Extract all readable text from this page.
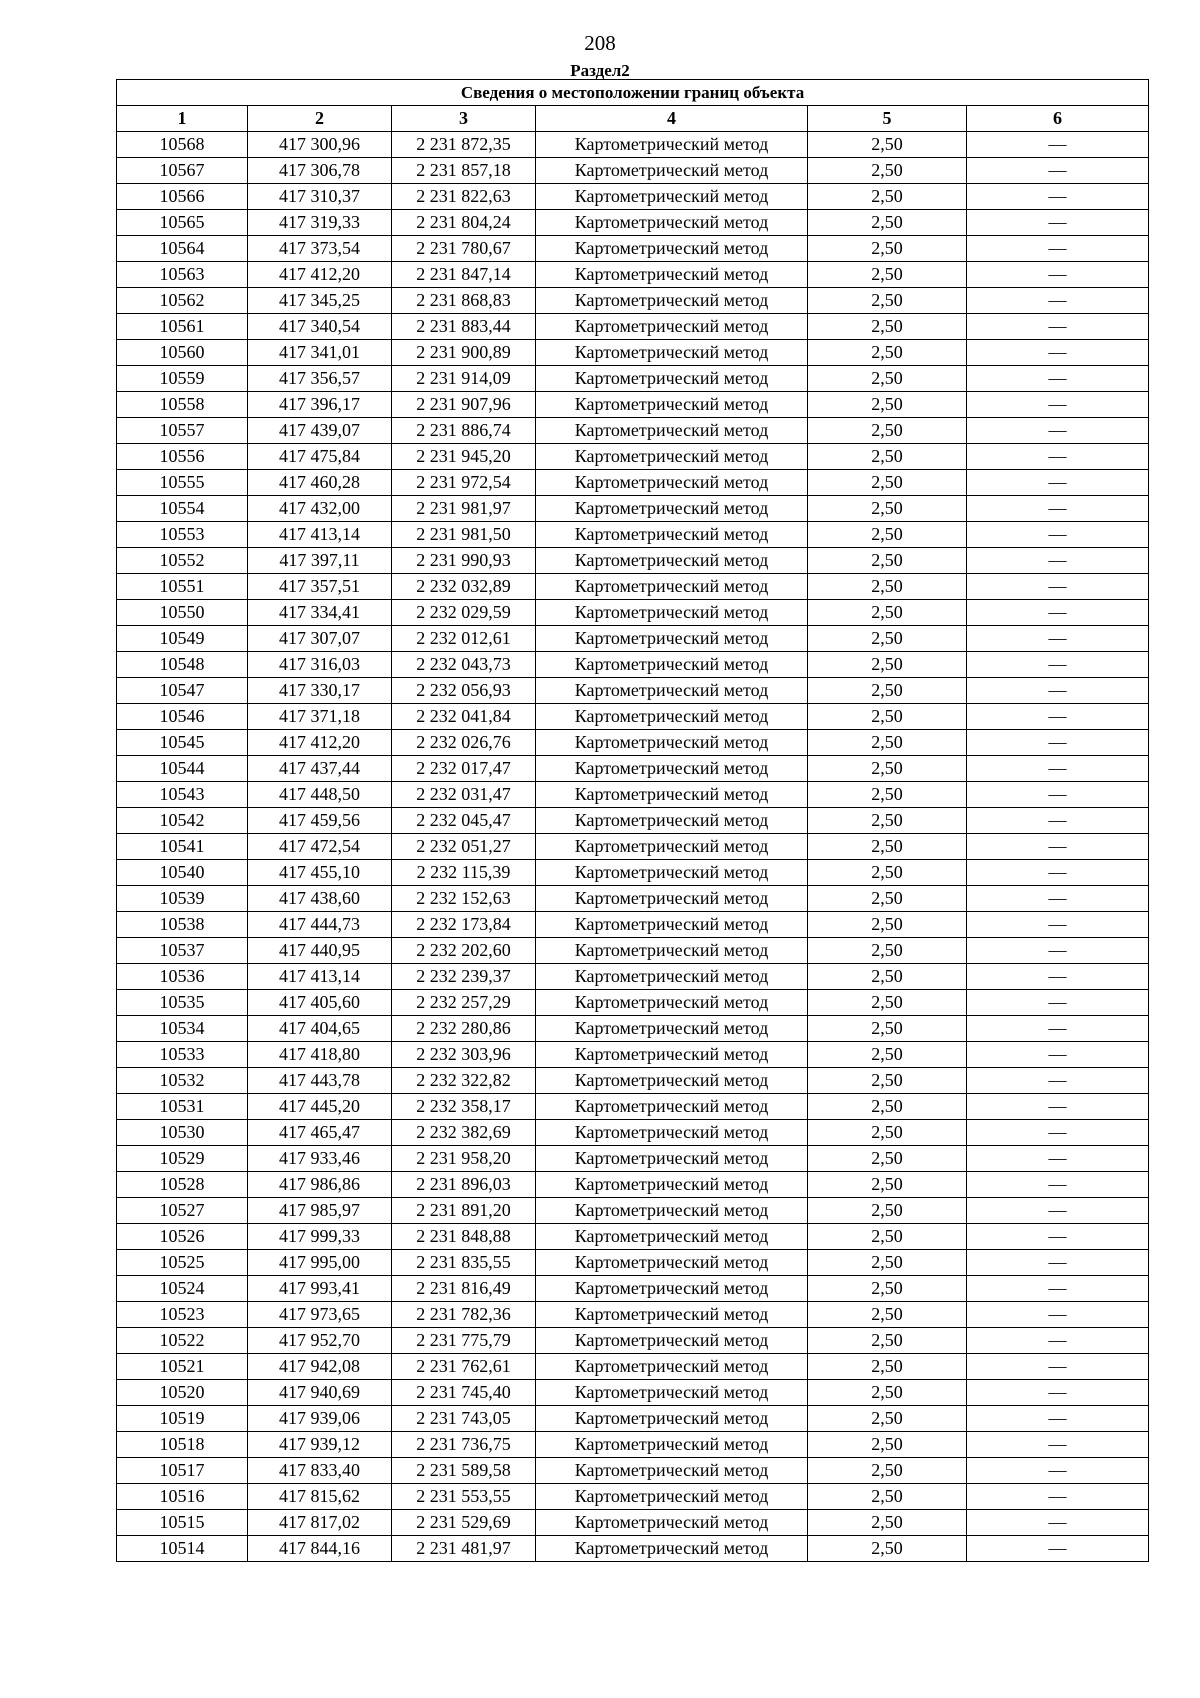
208
Раздел2
Сведения о местоположении границ объекта					
1	2	3	4	5	6
10568	417 300,96	2 231 872,35	Картометрический метод	2,50	—
10567	417 306,78	2 231 857,18	Картометрический метод	2,50	—
10566	417 310,37	2 231 822,63	Картометрический метод	2,50	—
10565	417 319,33	2 231 804,24	Картометрический метод	2,50	—
10564	417 373,54	2 231 780,67	Картометрический метод	2,50	—
10563	417 412,20	2 231 847,14	Картометрический метод	2,50	—
10562	417 345,25	2 231 868,83	Картометрический метод	2,50	—
10561	417 340,54	2 231 883,44	Картометрический метод	2,50	—
10560	417 341,01	2 231 900,89	Картометрический метод	2,50	—
10559	417 356,57	2 231 914,09	Картометрический метод	2,50	—
10558	417 396,17	2 231 907,96	Картометрический метод	2,50	—
10557	417 439,07	2 231 886,74	Картометрический метод	2,50	—
10556	417 475,84	2 231 945,20	Картометрический метод	2,50	—
10555	417 460,28	2 231 972,54	Картометрический метод	2,50	—
10554	417 432,00	2 231 981,97	Картометрический метод	2,50	—
10553	417 413,14	2 231 981,50	Картометрический метод	2,50	—
10552	417 397,11	2 231 990,93	Картометрический метод	2,50	—
10551	417 357,51	2 232 032,89	Картометрический метод	2,50	—
10550	417 334,41	2 232 029,59	Картометрический метод	2,50	—
10549	417 307,07	2 232 012,61	Картометрический метод	2,50	—
10548	417 316,03	2 232 043,73	Картометрический метод	2,50	—
10547	417 330,17	2 232 056,93	Картометрический метод	2,50	—
10546	417 371,18	2 232 041,84	Картометрический метод	2,50	—
10545	417 412,20	2 232 026,76	Картометрический метод	2,50	—
10544	417 437,44	2 232 017,47	Картометрический метод	2,50	—
10543	417 448,50	2 232 031,47	Картометрический метод	2,50	—
10542	417 459,56	2 232 045,47	Картометрический метод	2,50	—
10541	417 472,54	2 232 051,27	Картометрический метод	2,50	—
10540	417 455,10	2 232 115,39	Картометрический метод	2,50	—
10539	417 438,60	2 232 152,63	Картометрический метод	2,50	—
10538	417 444,73	2 232 173,84	Картометрический метод	2,50	—
10537	417 440,95	2 232 202,60	Картометрический метод	2,50	—
10536	417 413,14	2 232 239,37	Картометрический метод	2,50	—
10535	417 405,60	2 232 257,29	Картометрический метод	2,50	—
10534	417 404,65	2 232 280,86	Картометрический метод	2,50	—
10533	417 418,80	2 232 303,96	Картометрический метод	2,50	—
10532	417 443,78	2 232 322,82	Картометрический метод	2,50	—
10531	417 445,20	2 232 358,17	Картометрический метод	2,50	—
10530	417 465,47	2 232 382,69	Картометрический метод	2,50	—
10529	417 933,46	2 231 958,20	Картометрический метод	2,50	—
10528	417 986,86	2 231 896,03	Картометрический метод	2,50	—
10527	417 985,97	2 231 891,20	Картометрический метод	2,50	—
10526	417 999,33	2 231 848,88	Картометрический метод	2,50	—
10525	417 995,00	2 231 835,55	Картометрический метод	2,50	—
10524	417 993,41	2 231 816,49	Картометрический метод	2,50	—
10523	417 973,65	2 231 782,36	Картометрический метод	2,50	—
10522	417 952,70	2 231 775,79	Картометрический метод	2,50	—
10521	417 942,08	2 231 762,61	Картометрический метод	2,50	—
10520	417 940,69	2 231 745,40	Картометрический метод	2,50	—
10519	417 939,06	2 231 743,05	Картометрический метод	2,50	—
10518	417 939,12	2 231 736,75	Картометрический метод	2,50	—
10517	417 833,40	2 231 589,58	Картометрический метод	2,50	—
10516	417 815,62	2 231 553,55	Картометрический метод	2,50	—
10515	417 817,02	2 231 529,69	Картометрический метод	2,50	—
10514	417 844,16	2 231 481,97	Картометрический метод	2,50	—
